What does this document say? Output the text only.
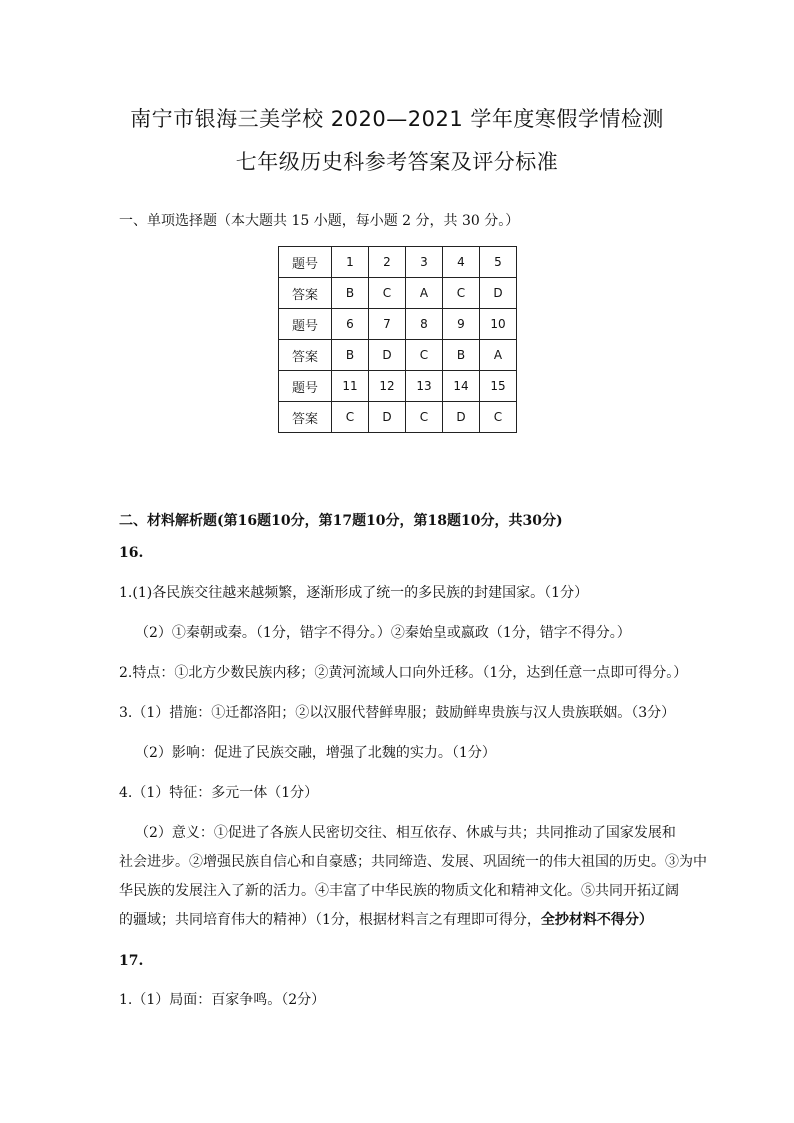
南宁市银海三美学校 2020—2021 学年度寒假学情检测
七年级历史科参考答案及评分标准
一、单项选择题（本大题共 15 小题，每小题 2 分，共 30 分。）
题号	1	2	3	4	5
答案	B	C	A	C	D
题号	6	7	8	9	10
答案	B	D	C	B	A
题号	11	12	13	14	15
答案	C	D	C	D	C
二、材料解析题(第16题10分，第17题10分，第18题10分，共30分)
16.
1.(1)各民族交往越来越频繁，逐渐形成了统一的多民族的封建国家。（1分）
（2）①秦朝或秦。（1分，错字不得分。）②秦始皇或嬴政（1分，错字不得分。）
2.特点：①北方少数民族内移；②黄河流域人口向外迁移。（1分，达到任意一点即可得分。）
3.（1）措施：①迁都洛阳；②以汉服代替鲜卑服；鼓励鲜卑贵族与汉人贵族联姻。（3分）
（2）影响：促进了民族交融，增强了北魏的实力。（1分）
4.（1）特征：多元一体（1分）
（2）意义：①促进了各族人民密切交往、相互依存、休戚与共；共同推动了国家发展和
社会进步。②增强民族自信心和自豪感；共同缔造、发展、巩固统一的伟大祖国的历史。③为中
华民族的发展注入了新的活力。④丰富了中华民族的物质文化和精神文化。⑤共同开拓辽阔
的疆域；共同培育伟大的精神）（1分，根据材料言之有理即可得分，全抄材料不得分）
17.
1.（1）局面：百家争鸣。（2分）
